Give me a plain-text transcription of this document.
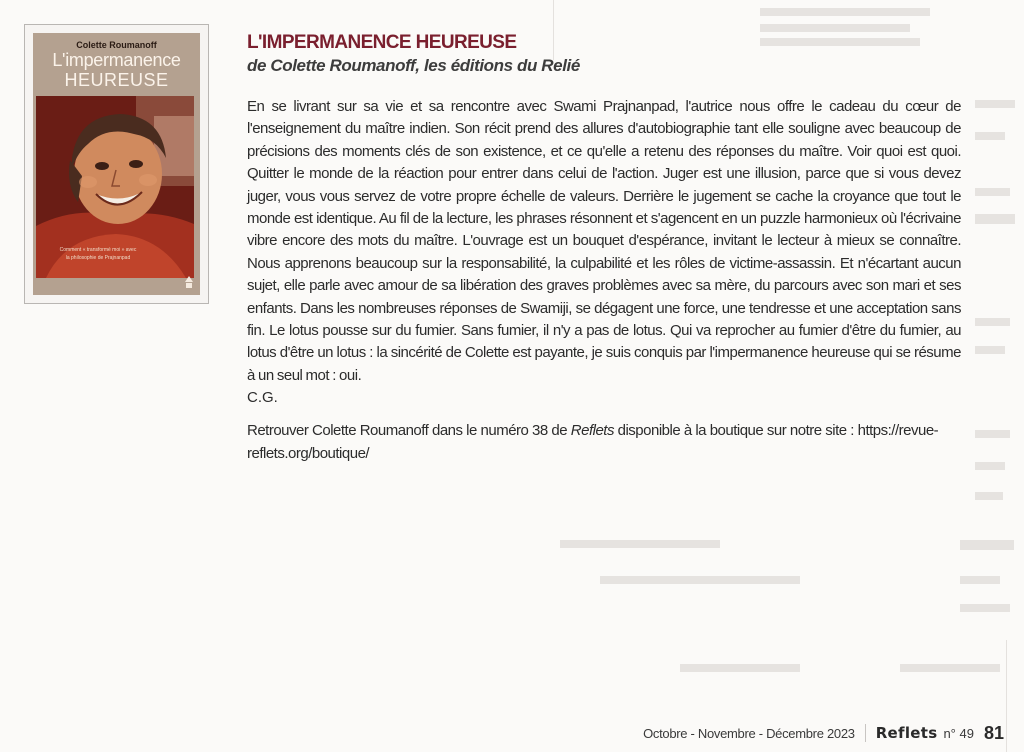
Colette Roumanoff
L'impermanence
HEUREUSE
Comment « transformé moi » avec la philosophie de Prajnanpad
L'IMPERMANENCE HEUREUSE

de Colette Roumanoff, les éditions du Relié

En se livrant sur sa vie et sa rencontre avec Swami Prajnanpad, l'autrice nous offre le cadeau du cœur de l'enseignement du maître indien. Son récit prend des allures d'autobiographie tant elle souligne avec beaucoup de précisions des moments clés de son existence, et ce qu'elle a retenu des réponses du maître. Voir quoi est quoi. Quitter le monde de la réaction pour entrer dans celui de l'action. Juger est une illusion, parce que si vous devez juger, vous vous servez de votre propre échelle de valeurs. Derrière le jugement se cache la croyance que tout le monde est identique. Au fil de la lecture, les phrases résonnent et s'agencent en un puzzle harmonieux où l'écrivaine vibre encore des mots du maître. L'ouvrage est un bouquet d'espérance, invitant le lecteur à mieux se connaître. Nous apprenons beaucoup sur la responsabilité, la culpabilité et les rôles de victime-assassin. Et n'écartant aucun sujet, elle parle avec amour de sa libération des graves problèmes avec sa mère, du parcours avec son mari et ses enfants. Dans les nombreuses réponses de Swamiji, se dégagent une force, une tendresse et une acceptation sans fin. Le lotus pousse sur du fumier. Sans fumier, il n'y a pas de lotus. Qui va reprocher au fumier d'être du fumier, au lotus d'être un lotus : la sincérité de Colette est payante, je suis conquis par l'impermanence heureuse qui se résume à un seul mot : oui.

C.G.

Retrouver Colette Roumanoff dans le numéro 38 de Reflets disponible à la boutique sur notre site : https://revue-reflets.org/boutique/

Octobre - Novembre - Décembre 2023 Reflets n° 49 81
